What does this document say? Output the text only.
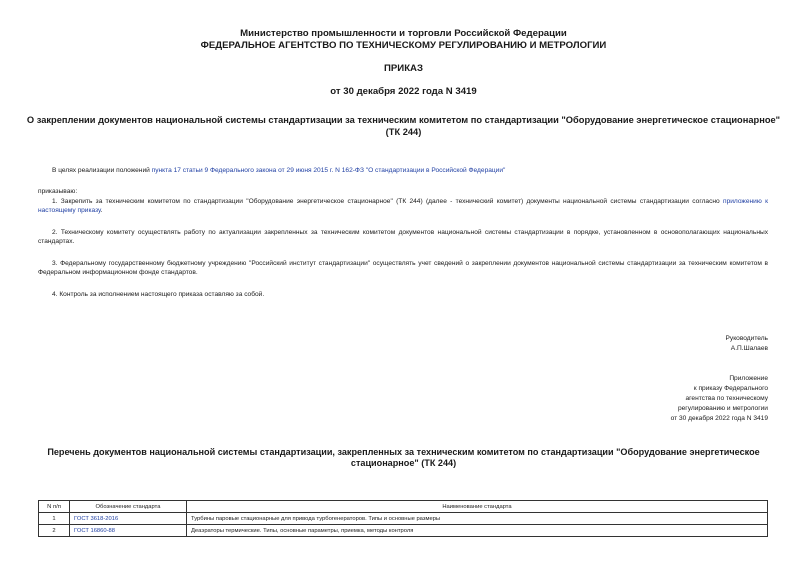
Министерство промышленности и торговли Российской Федерации
ФЕДЕРАЛЬНОЕ АГЕНТСТВО ПО ТЕХНИЧЕСКОМУ РЕГУЛИРОВАНИЮ И МЕТРОЛОГИИ
ПРИКАЗ
от 30 декабря 2022 года N 3419
О закреплении документов национальной системы стандартизации за техническим комитетом по стандартизации "Оборудование энергетическое стационарное"
(ТК 244)
В целях реализации положений пункта 17 статьи 9 Федерального закона от 29 июня 2015 г. N 162-ФЗ "О стандартизации в Российской Федерации"
приказываю:
1. Закрепить за техническим комитетом по стандартизации "Оборудование энергетическое стационарное" (ТК 244) (далее - технический комитет) документы национальной системы стандартизации согласно приложению к настоящему приказу.
2. Техническому комитету осуществлять работу по актуализации закрепленных за техническим комитетом документов национальной системы стандартизации в порядке, установленном в основополагающих национальных стандартах.
3. Федеральному государственному бюджетному учреждению "Российский институт стандартизации" осуществлять учет сведений о закреплении документов национальной системы стандартизации за техническим комитетом в Федеральном информационном фонде стандартов.
4. Контроль за исполнением настоящего приказа оставляю за собой.
Руководитель
А.П.Шалаев
Приложение
к приказу Федерального
агентства по техническому
регулированию и метрологии
от 30 декабря 2022 года N 3419
Перечень документов национальной системы стандартизации, закрепленных за техническим комитетом по стандартизации "Оборудование энергетическое
стационарное" (ТК 244)
N п/п	Обозначение стандарта	Наименование стандарта
1	ГОСТ 3618-2016	Турбины паровые стационарные для привода турбогенераторов. Типы и основные размеры
2	ГОСТ 16860-88	Деаэраторы термические. Типы, основные параметры, приемка, методы контроля
